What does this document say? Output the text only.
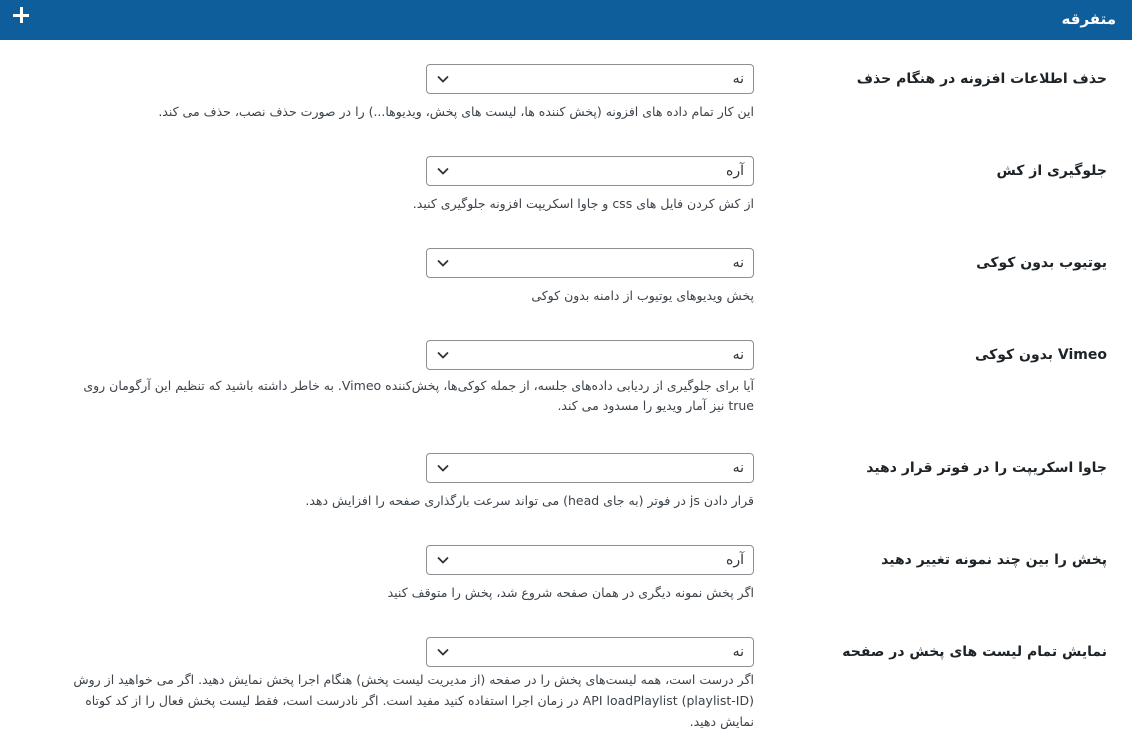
متفرقه
حذف اطلاعات افزونه در هنگام حذف
نه
این کار تمام داده های افزونه (پخش کننده ها، لیست های پخش، ویدیوها...) را در صورت حذف نصب، حذف می کند.
جلوگیری از کش
آره
از کش کردن فایل های css و جاوا اسکریپت افزونه جلوگیری کنید.
یوتیوب بدون کوکی
نه
پخش ویدیوهای یوتیوب از دامنه بدون کوکی
Vimeo بدون کوکی
نه
آیا برای جلوگیری از ردیابی داده‌های جلسه، از جمله کوکی‌ها، پخش‌کننده Vimeo. به خاطر داشته باشید که تنظیم این آرگومان روی true نیز آمار ویدیو را مسدود می کند.
جاوا اسکریپت را در فوتر قرار دهید
نه
قرار دادن js در فوتر (به جای head) می تواند سرعت بارگذاری صفحه را افزایش دهد.
پخش را بین چند نمونه تغییر دهید
آره
اگر پخش نمونه دیگری در همان صفحه شروع شد، پخش را متوقف کنید
نمایش تمام لیست های پخش در صفحه
نه
اگر درست است، همه لیست‌های پخش را در صفحه (از مدیریت لیست پخش) هنگام اجرا پخش نمایش دهید. اگر می خواهید از روش API loadPlaylist (playlist-ID) در زمان اجرا استفاده کنید مفید است. اگر نادرست است، فقط لیست پخش فعال را از کد کوتاه نمایش دهید.
